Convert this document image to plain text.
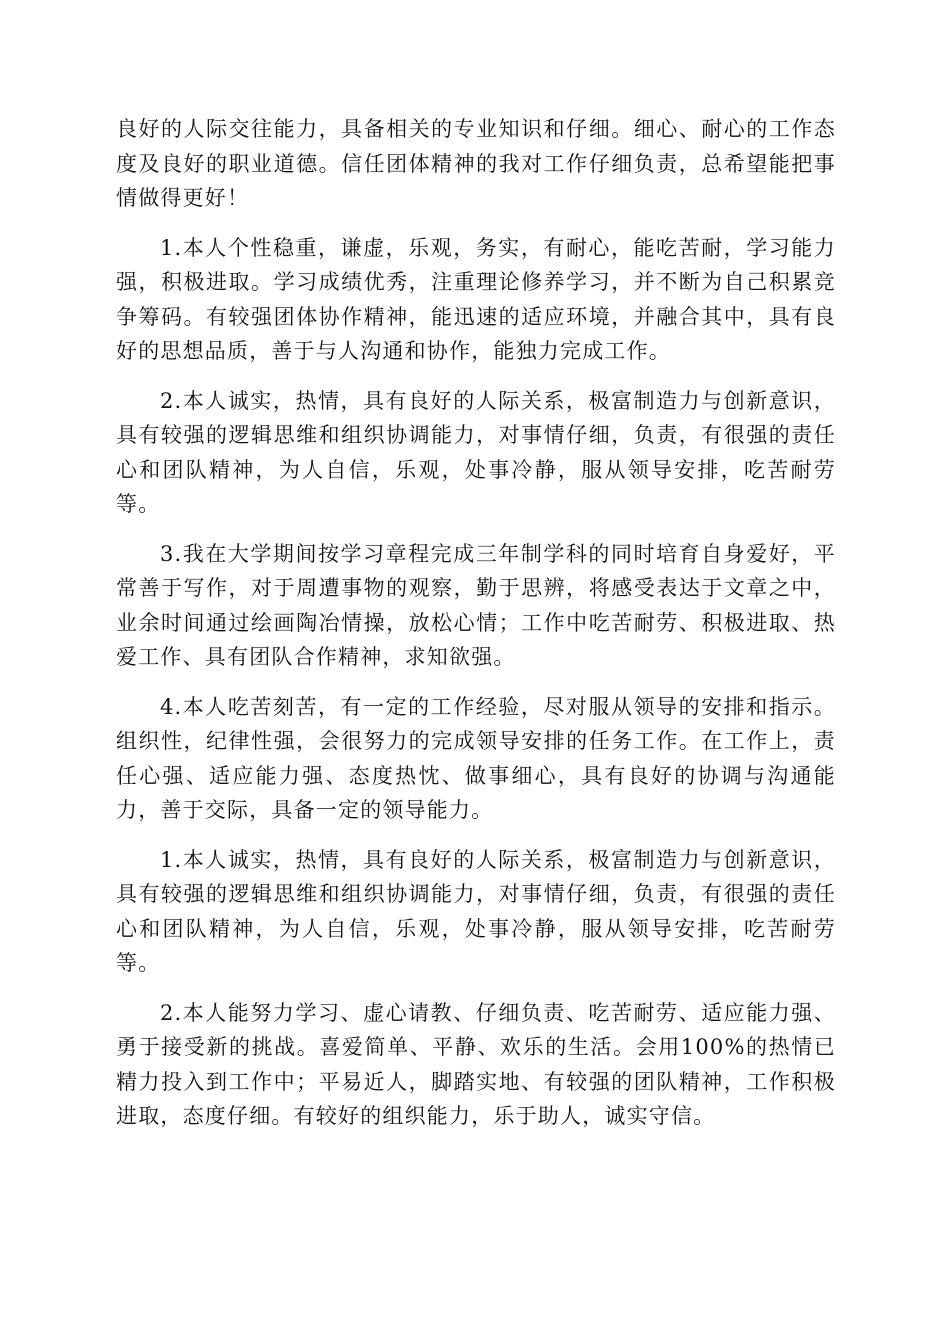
良好的人际交往能力，具备相关的专业知识和仔细。细心、耐心的工作态度及良好的职业道德。信任团体精神的我对工作仔细负责，总希望能把事情做得更好！

1.本人个性稳重，谦虚，乐观，务实，有耐心，能吃苦耐，学习能力强，积极进取。学习成绩优秀，注重理论修养学习，并不断为自己积累竞争筹码。有较强团体协作精神，能迅速的适应环境，并融合其中，具有良好的思想品质，善于与人沟通和协作，能独力完成工作。

2.本人诚实，热情，具有良好的人际关系，极富制造力与创新意识，具有较强的逻辑思维和组织协调能力，对事情仔细，负责，有很强的责任心和团队精神，为人自信，乐观，处事冷静，服从领导安排，吃苦耐劳等。

3.我在大学期间按学习章程完成三年制学科的同时培育自身爱好，平常善于写作，对于周遭事物的观察，勤于思辨，将感受表达于文章之中，业余时间通过绘画陶冶情操，放松心情；工作中吃苦耐劳、积极进取、热爱工作、具有团队合作精神，求知欲强。

4.本人吃苦刻苦，有一定的工作经验，尽对服从领导的安排和指示。组织性，纪律性强，会很努力的完成领导安排的任务工作。在工作上，责任心强、适应能力强、态度热忱、做事细心，具有良好的协调与沟通能力，善于交际，具备一定的领导能力。

1.本人诚实，热情，具有良好的人际关系，极富制造力与创新意识，具有较强的逻辑思维和组织协调能力，对事情仔细，负责，有很强的责任心和团队精神，为人自信，乐观，处事冷静，服从领导安排，吃苦耐劳等。

2.本人能努力学习、虚心请教、仔细负责、吃苦耐劳、适应能力强、勇于接受新的挑战。喜爱简单、平静、欢乐的生活。会用100%的热情已精力投入到工作中；平易近人，脚踏实地、有较强的团队精神，工作积极进取，态度仔细。有较好的组织能力，乐于助人，诚实守信。
